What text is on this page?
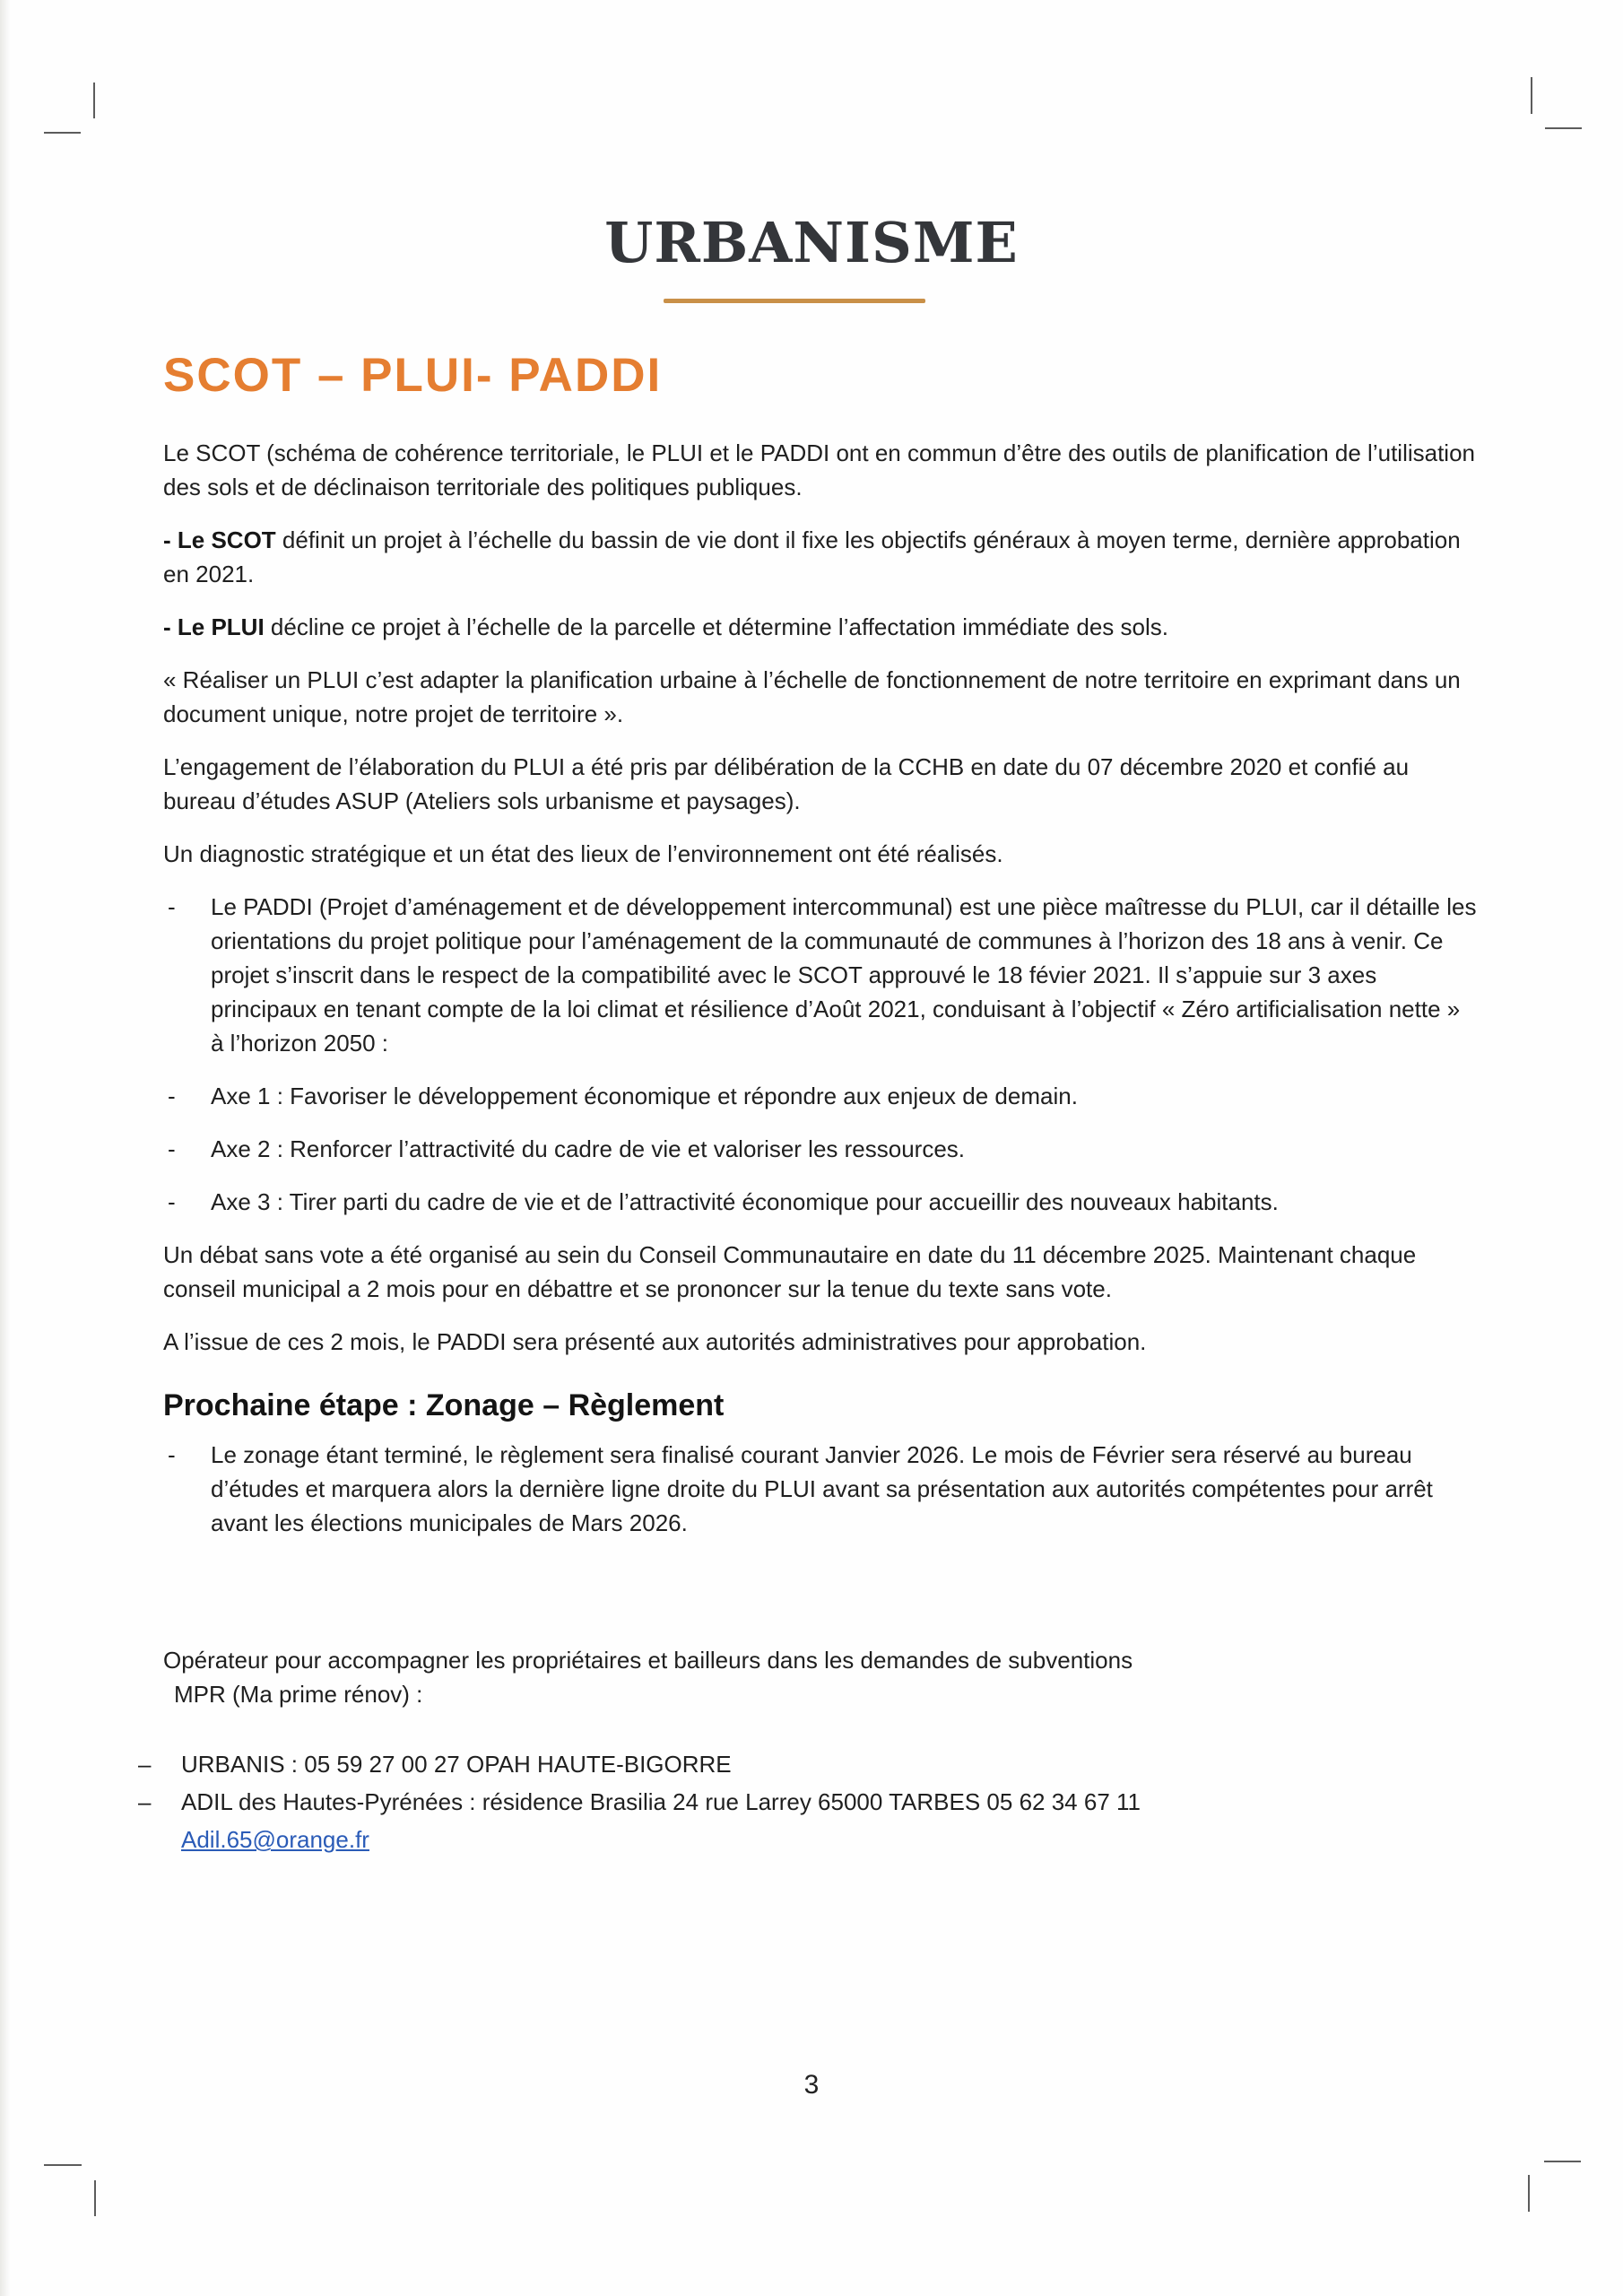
URBANISME
SCOT – PLUI- PADDI

Le SCOT (schéma de cohérence territoriale, le PLUI et le PADDI ont en commun d’être des outils de planification de l’utilisation des sols et de déclinaison territoriale des politiques publiques.

- Le SCOT définit un projet à l’échelle du bassin de vie dont il fixe les objectifs généraux à moyen terme, dernière approbation en 2021.

- Le PLUI décline ce projet à l’échelle de la parcelle et détermine l’affectation immédiate des sols.

« Réaliser un PLUI c’est adapter la planification urbaine à l’échelle de fonctionnement de notre territoire en exprimant dans un document unique, notre projet de territoire ».

L’engagement de l’élaboration du PLUI a été pris par délibération de la CCHB en date du 07 décembre 2020 et confié au bureau d’études ASUP (Ateliers sols urbanisme et paysages).

Un diagnostic stratégique et un état des lieux de l’environnement ont été réalisés.

- Le PADDI (Projet d’aménagement et de développement intercommunal) est une pièce maîtresse du PLUI, car il détaille les orientations du projet politique pour l’aménagement de la communauté de communes à l’horizon des 18 ans à venir. Ce projet s’inscrit dans le respect de la compatibilité avec le SCOT approuvé le 18 févier 2021. Il s’appuie sur 3 axes principaux en tenant compte de la loi climat et résilience d’Août 2021, conduisant à l’objectif « Zéro artificialisation nette » à l’horizon 2050 :
- Axe 1 : Favoriser le développement économique et répondre aux enjeux de demain.
- Axe 2 : Renforcer l’attractivité du cadre de vie et valoriser les ressources.
- Axe 3 : Tirer parti du cadre de vie et de l’attractivité économique pour accueillir des nouveaux habitants.

Un débat sans vote a été organisé au sein du Conseil Communautaire en date du 11 décembre 2025. Maintenant chaque conseil municipal a 2 mois pour en débattre et se prononcer sur la tenue du texte sans vote.

A l’issue de ces 2 mois, le PADDI sera présenté aux autorités administratives pour approbation.

Prochaine étape : Zonage – Règlement
- Le zonage étant terminé, le règlement sera finalisé courant Janvier 2026. Le mois de Février sera réservé au bureau d’études et marquera alors la dernière ligne droite du PLUI avant sa présentation aux autorités compétentes pour arrêt avant les élections municipales de Mars 2026.
Opérateur pour accompagner les propriétaires et bailleurs dans les demandes de subventions
MPR (Ma prime rénov) :
– URBANIS : 05 59 27 00 27 OPAH HAUTE-BIGORRE
– ADIL des Hautes-Pyrénées : résidence Brasilia 24 rue Larrey 65000 TARBES 05 62 34 67 11
Adil.65@orange.fr
3
